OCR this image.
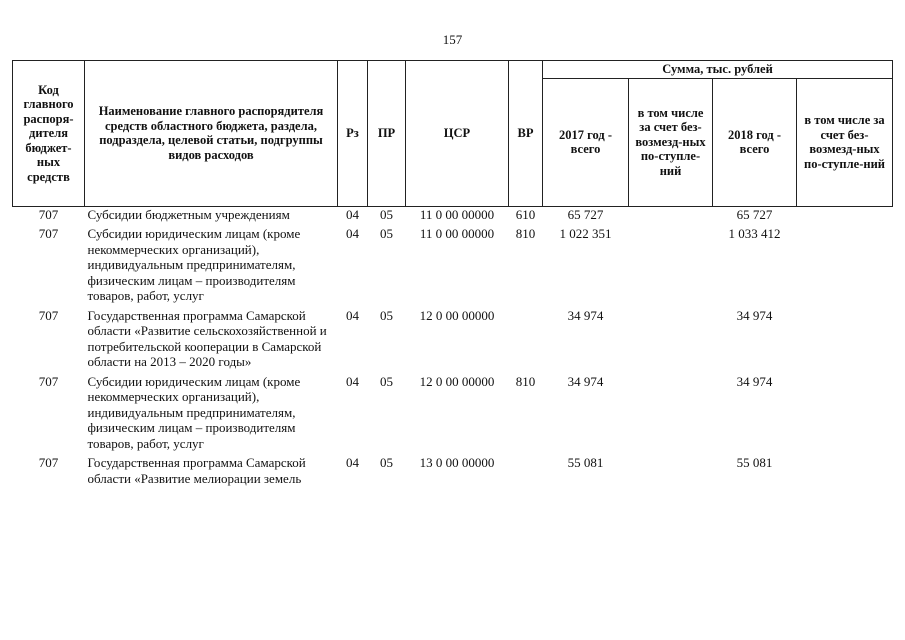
157
Код главного распоря-дителя бюджет-ных средств	Наименование главного распорядителя средств областного бюджета, раздела, подраздела, целевой статьи, подгруппы видов расходов	Рз	ПР	ЦСР	ВР	Сумма, тыс. рублей			
						2017 год - всего	в том числе за счет без-возмезд-ных по-ступле-ний	2018 год - всего	в том числе за счет без-возмезд-ных по-ступле-ний
707	Субсидии бюджетным учреждениям	04	05	11 0 00 00000	610	65 727		65 727	
707	Субсидии юридическим лицам (кроме некоммерческих организаций), индивидуальным предпринимателям, физическим лицам – производителям товаров, работ, услуг	04	05	11 0 00 00000	810	1 022 351		1 033 412	
707	Государственная программа Самарской области «Развитие сельскохозяйственной и потребительской кооперации в Самарской области на 2013 – 2020 годы»	04	05	12 0 00 00000		34 974		34 974	
707	Субсидии юридическим лицам (кроме некоммерческих организаций), индивидуальным предпринимателям, физическим лицам – производителям товаров, работ, услуг	04	05	12 0 00 00000	810	34 974		34 974	
707	Государственная программа Самарской области «Развитие мелиорации земель	04	05	13 0 00 00000		55 081		55 081	
